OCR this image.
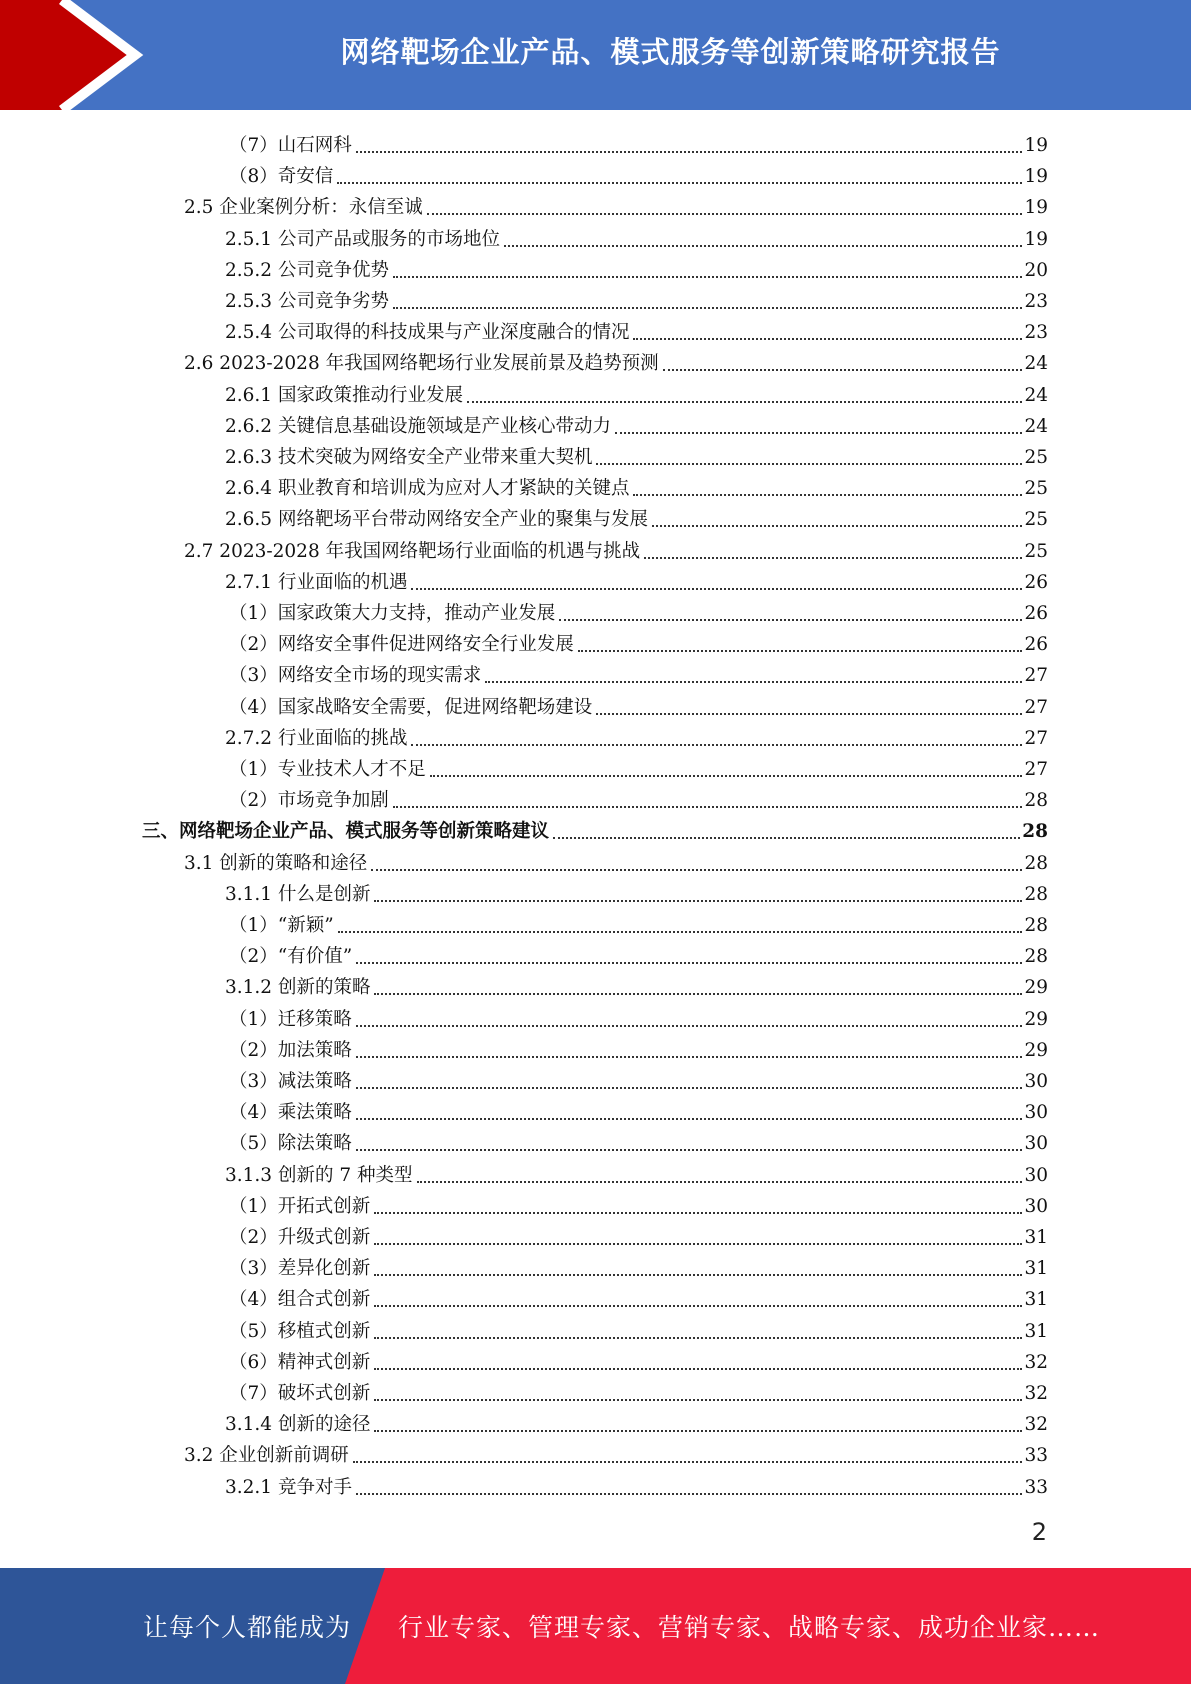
网络靶场企业产品、模式服务等创新策略研究报告
（7）山石网科	19
（8）奇安信	19
2.5 企业案例分析：永信至诚	19
2.5.1 公司产品或服务的市场地位	19
2.5.2 公司竞争优势	20
2.5.3 公司竞争劣势	23
2.5.4 公司取得的科技成果与产业深度融合的情况	23
2.6 2023-2028 年我国网络靶场行业发展前景及趋势预测	24
2.6.1 国家政策推动行业发展	24
2.6.2 关键信息基础设施领域是产业核心带动力	24
2.6.3 技术突破为网络安全产业带来重大契机	25
2.6.4 职业教育和培训成为应对人才紧缺的关键点	25
2.6.5 网络靶场平台带动网络安全产业的聚集与发展	25
2.7 2023-2028 年我国网络靶场行业面临的机遇与挑战	25
2.7.1 行业面临的机遇	26
（1）国家政策大力支持，推动产业发展	26
（2）网络安全事件促进网络安全行业发展	26
（3）网络安全市场的现实需求	27
（4）国家战略安全需要，促进网络靶场建设	27
2.7.2 行业面临的挑战	27
（1）专业技术人才不足	27
（2）市场竞争加剧	28
三、网络靶场企业产品、模式服务等创新策略建议	28
3.1 创新的策略和途径	28
3.1.1 什么是创新	28
（1）“新颖”	28
（2）“有价值”	28
3.1.2 创新的策略	29
（1）迁移策略	29
（2）加法策略	29
（3）减法策略	30
（4）乘法策略	30
（5）除法策略	30
3.1.3 创新的 7 种类型	30
（1）开拓式创新	30
（2）升级式创新	31
（3）差异化创新	31
（4）组合式创新	31
（5）移植式创新	31
（6）精神式创新	32
（7）破坏式创新	32
3.1.4 创新的途径	32
3.2 企业创新前调研	33
3.2.1 竞争对手	33
2
让每个人都能成为 行业专家、管理专家、营销专家、战略专家、成功企业家……
